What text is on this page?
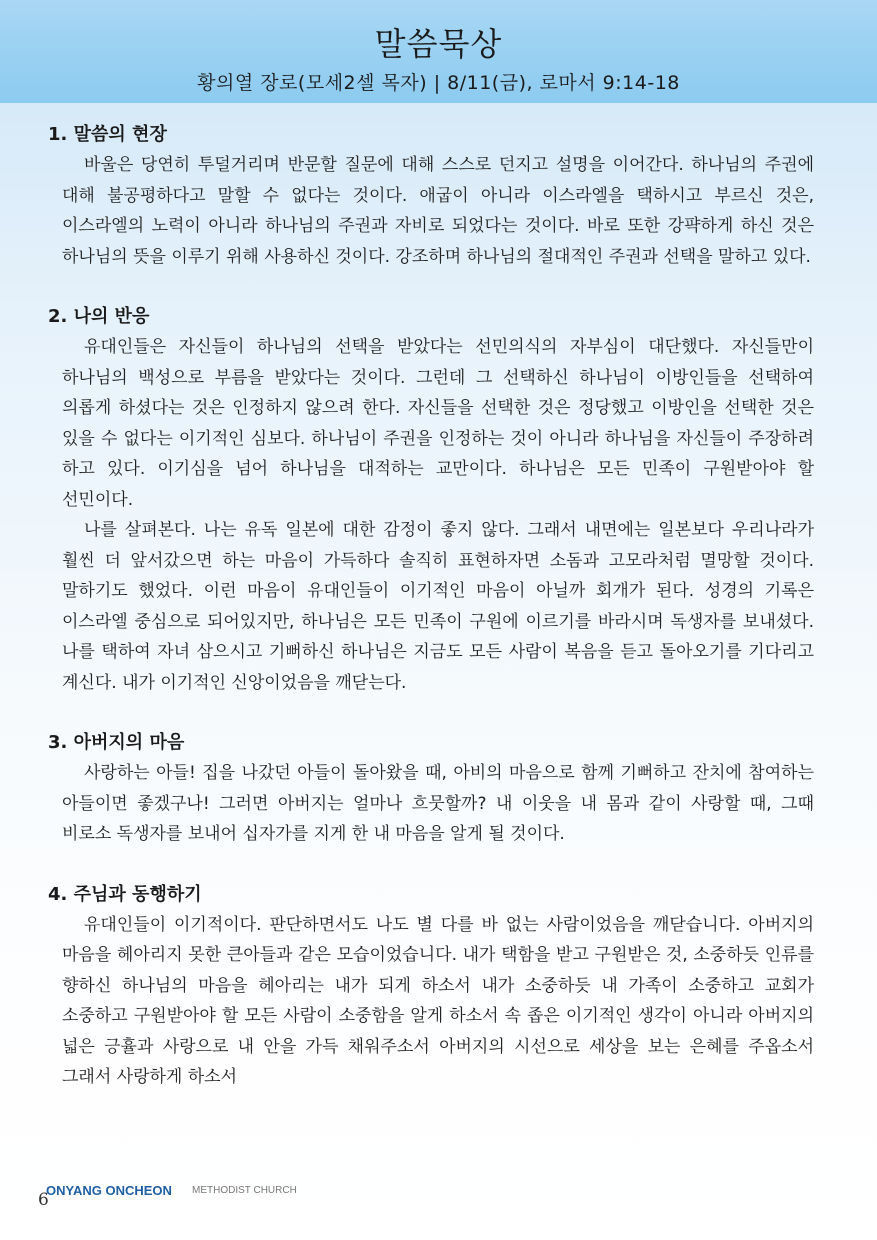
말씀묵상
황의열 장로(모세2셀 목자) | 8/11(금), 로마서 9:14-18
1. 말씀의 현장

바울은 당연히 투덜거리며 반문할 질문에 대해 스스로 던지고 설명을 이어간다. 하나님의 주권에 대해 불공평하다고 말할 수 없다는 것이다. 애굽이 아니라 이스라엘을 택하시고 부르신 것은, 이스라엘의 노력이 아니라 하나님의 주권과 자비로 되었다는 것이다. 바로 또한 강퍅하게 하신 것은 하나님의 뜻을 이루기 위해 사용하신 것이다. 강조하며 하나님의 절대적인 주권과 선택을 말하고 있다.

2. 나의 반응

유대인들은 자신들이 하나님의 선택을 받았다는 선민의식의 자부심이 대단했다. 자신들만이 하나님의 백성으로 부름을 받았다는 것이다. 그런데 그 선택하신 하나님이 이방인들을 선택하여 의롭게 하셨다는 것은 인정하지 않으려 한다. 자신들을 선택한 것은 정당했고 이방인을 선택한 것은 있을 수 없다는 이기적인 심보다. 하나님이 주권을 인정하는 것이 아니라 하나님을 자신들이 주장하려 하고 있다. 이기심을 넘어 하나님을 대적하는 교만이다. 하나님은 모든 민족이 구원받아야 할 선민이다.

나를 살펴본다. 나는 유독 일본에 대한 감정이 좋지 않다. 그래서 내면에는 일본보다 우리나라가 훨씬 더 앞서갔으면 하는 마음이 가득하다 솔직히 표현하자면 소돔과 고모라처럼 멸망할 것이다. 말하기도 했었다. 이런 마음이 유대인들이 이기적인 마음이 아닐까 회개가 된다. 성경의 기록은 이스라엘 중심으로 되어있지만, 하나님은 모든 민족이 구원에 이르기를 바라시며 독생자를 보내셨다. 나를 택하여 자녀 삼으시고 기뻐하신 하나님은 지금도 모든 사람이 복음을 듣고 돌아오기를 기다리고 계신다. 내가 이기적인 신앙이었음을 깨닫는다.

3. 아버지의 마음

사랑하는 아들! 집을 나갔던 아들이 돌아왔을 때, 아비의 마음으로 함께 기뻐하고 잔치에 참여하는 아들이면 좋겠구나! 그러면 아버지는 얼마나 흐뭇할까? 내 이웃을 내 몸과 같이 사랑할 때, 그때 비로소 독생자를 보내어 십자가를 지게 한 내 마음을 알게 될 것이다.

4. 주님과 동행하기

유대인들이 이기적이다. 판단하면서도 나도 별 다를 바 없는 사람이었음을 깨닫습니다. 아버지의 마음을 헤아리지 못한 큰아들과 같은 모습이었습니다. 내가 택함을 받고 구원받은 것, 소중하듯 인류를 향하신 하나님의 마음을 헤아리는 내가 되게 하소서 내가 소중하듯 내 가족이 소중하고 교회가 소중하고 구원받아야 할 모든 사람이 소중함을 알게 하소서 속 좁은 이기적인 생각이 아니라 아버지의 넓은 긍휼과 사랑으로 내 안을 가득 채워주소서 아버지의 시선으로 세상을 보는 은혜를 주옵소서 그래서 사랑하게 하소서

6
ONYANG ONCHEON METHODIST CHURCH
